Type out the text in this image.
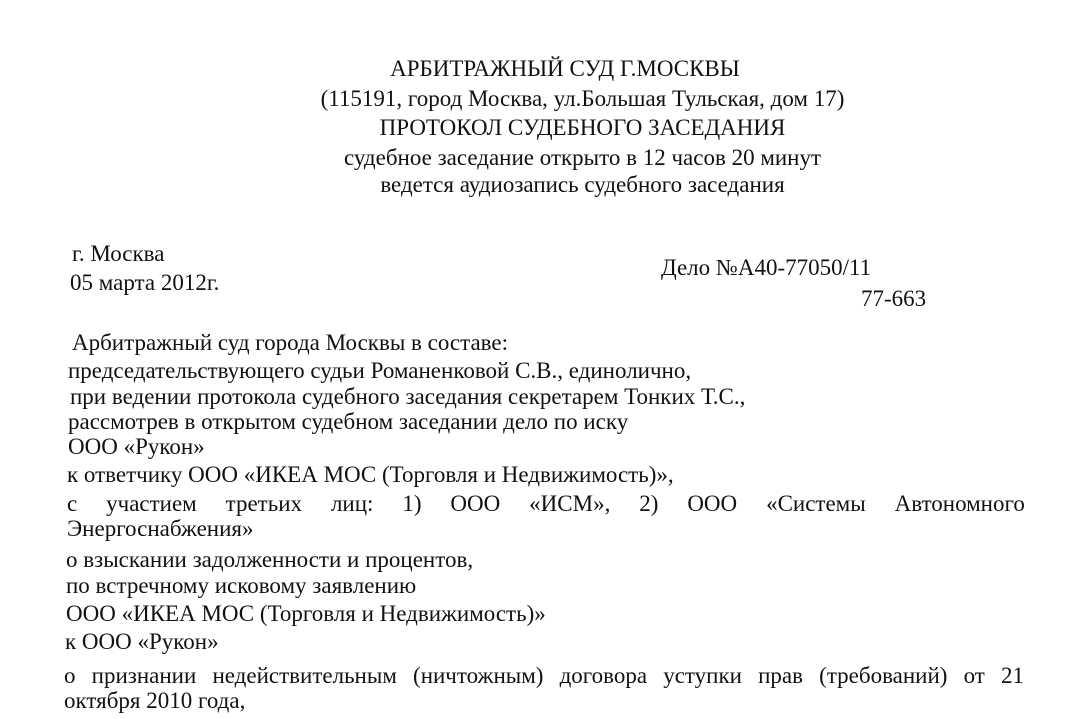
АРБИТРАЖНЫЙ СУД Г.МОСКВЫ
(115191, город Москва, ул.Большая Тульская, дом 17)
ПРОТОКОЛ СУДЕБНОГО ЗАСЕДАНИЯ
судебное заседание открыто в 12 часов 20 минут
ведется аудиозапись судебного заседания
г. Москва
05 марта 2012г.
Дело №А40-77050/11
77-663
Арбитражный суд города Москвы в составе:
председательствующего судьи Романенковой С.В., единолично,
при ведении протокола судебного заседания секретарем Тонких Т.С.,
рассмотрев в открытом судебном заседании дело по иску
ООО «Рукон»
к ответчику ООО «ИКЕА МОС (Торговля и Недвижимость)»,
с участием третьих лиц: 1) ООО «ИСМ», 2) ООО «Системы Автономного
Энергоснабжения»
о взыскании задолженности и процентов,
по встречному исковому заявлению
ООО «ИКЕА МОС (Торговля и Недвижимость)»
к ООО «Рукон»
о признании недействительным (ничтожным) договора уступки прав (требований) от 21
октября 2010 года,
